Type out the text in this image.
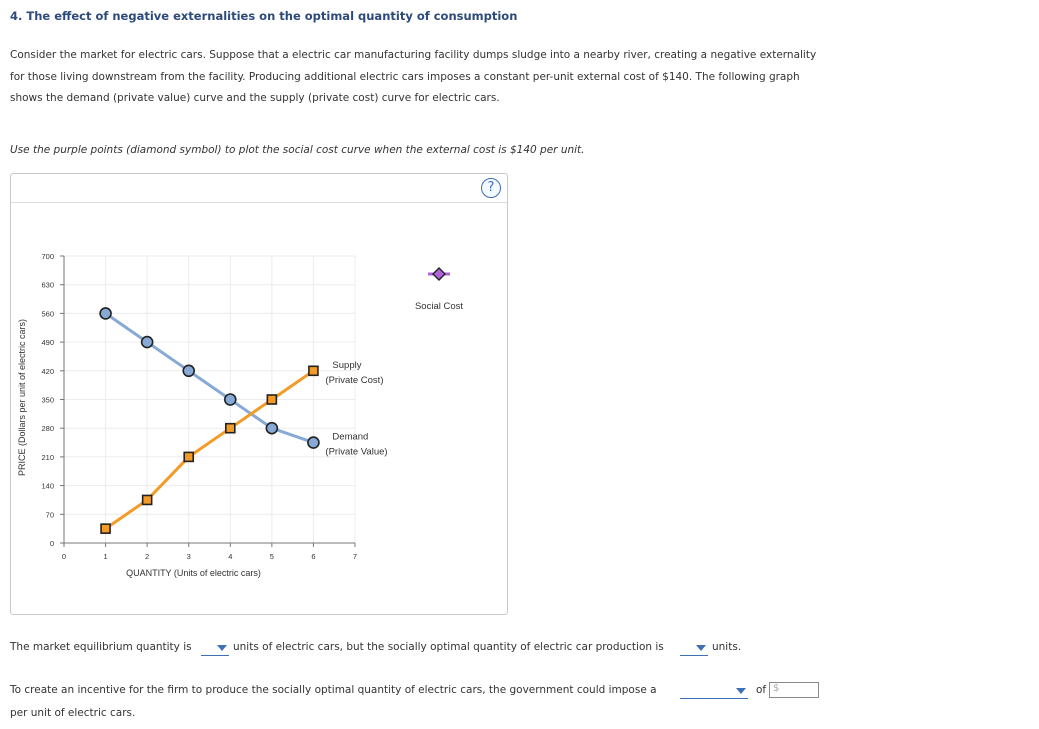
4. The effect of negative externalities on the optimal quantity of consumption
Consider the market for electric cars. Suppose that a electric car manufacturing facility dumps sludge into a nearby river, creating a negative externality for those living downstream from the facility. Producing additional electric cars imposes a constant per-unit external cost of $140. The following graph shows the demand (private value) curve and the supply (private cost) curve for electric cars.
Use the purple points (diamond symbol) to plot the social cost curve when the external cost is $140 per unit.
?
0
70
140
210
280
350
420
490
560
630
700
0	1	2	3	4	5	6	7
QUANTITY (Units of electric cars)
PRICE (Dollars per unit of electric cars)	Demand
(Private Value)
Supply
(Private Cost)
Social Cost
The market equilibrium quantity is	units of electric cars, but the socially optimal quantity of electric car production is	units.
To create an incentive for the firm to produce the socially optimal quantity of electric cars, the government could impose a	of $
per unit of electric cars.
